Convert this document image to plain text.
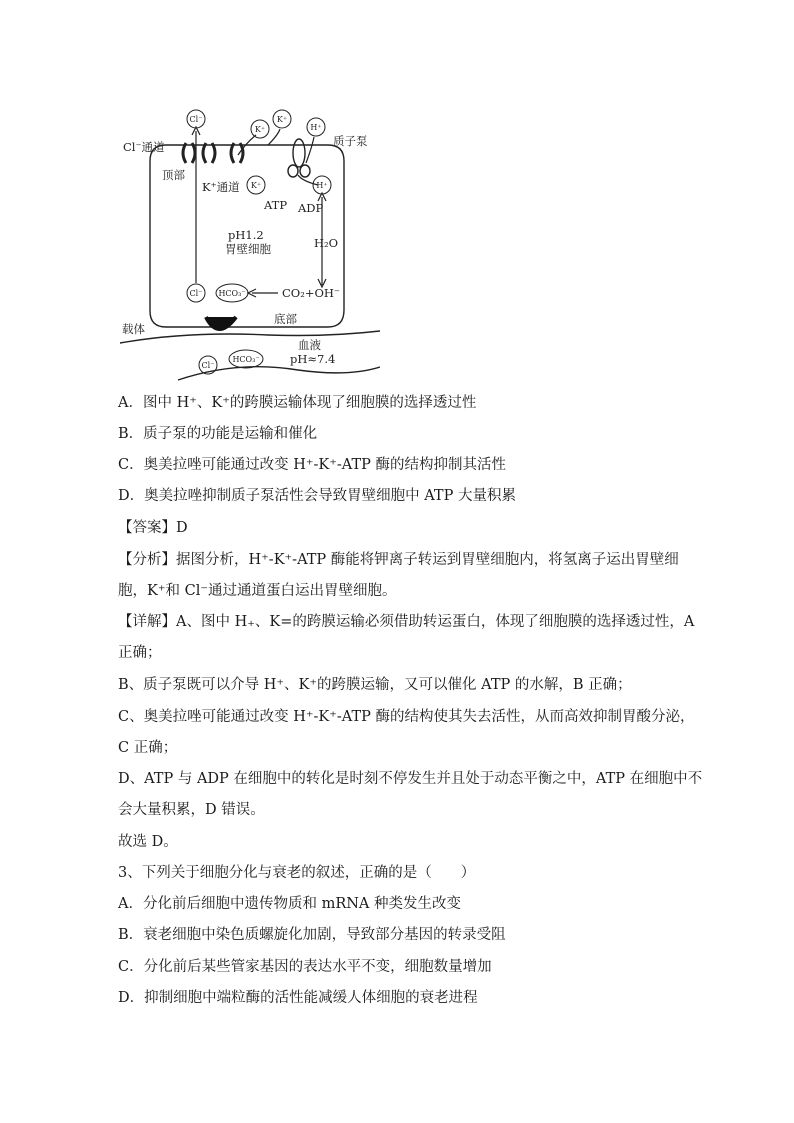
Cl⁻通道
顶部
K⁺通道
质子泵
ATP ADP
pH1.2
胃壁细胞	H₂O
CO₂+OH⁻
底部
载体
血液
pH≈7.4
Cl⁻
K⁺
K⁺
H⁺
K⁺	H⁺
Cl⁻ HCO₃⁻
Cl⁻
HCO₃⁻
A．图中 H⁺、K⁺的跨膜运输体现了细胞膜的选择透过性
B．质子泵的功能是运输和催化
C．奥美拉唑可能通过改变 H⁺-K⁺-ATP 酶的结构抑制其活性
D．奥美拉唑抑制质子泵活性会导致胃壁细胞中 ATP 大量积累
【答案】D
【分析】据图分析，H⁺-K⁺-ATP 酶能将钾离子转运到胃壁细胞内，将氢离子运出胃壁细
胞，K⁺和 Cl⁻通过通道蛋白运出胃壁细胞。
【详解】A、图中 H₊、K=的跨膜运输必须借助转运蛋白，体现了细胞膜的选择透过性，A
正确；
B、质子泵既可以介导 H⁺、K⁺的跨膜运输，又可以催化 ATP 的水解，B 正确；
C、奥美拉唑可能通过改变 H⁺-K⁺-ATP 酶的结构使其失去活性，从而高效抑制胃酸分泌，
C 正确；
D、ATP 与 ADP 在细胞中的转化是时刻不停发生并且处于动态平衡之中，ATP 在细胞中不
会大量积累，D 错误。
故选 D。
3、下列关于细胞分化与衰老的叙述，正确的是（　　）
A．分化前后细胞中遗传物质和 mRNA 种类发生改变
B．衰老细胞中染色质螺旋化加剧，导致部分基因的转录受阻
C．分化前后某些管家基因的表达水平不变，细胞数量增加
D．抑制细胞中端粒酶的活性能减缓人体细胞的衰老进程
